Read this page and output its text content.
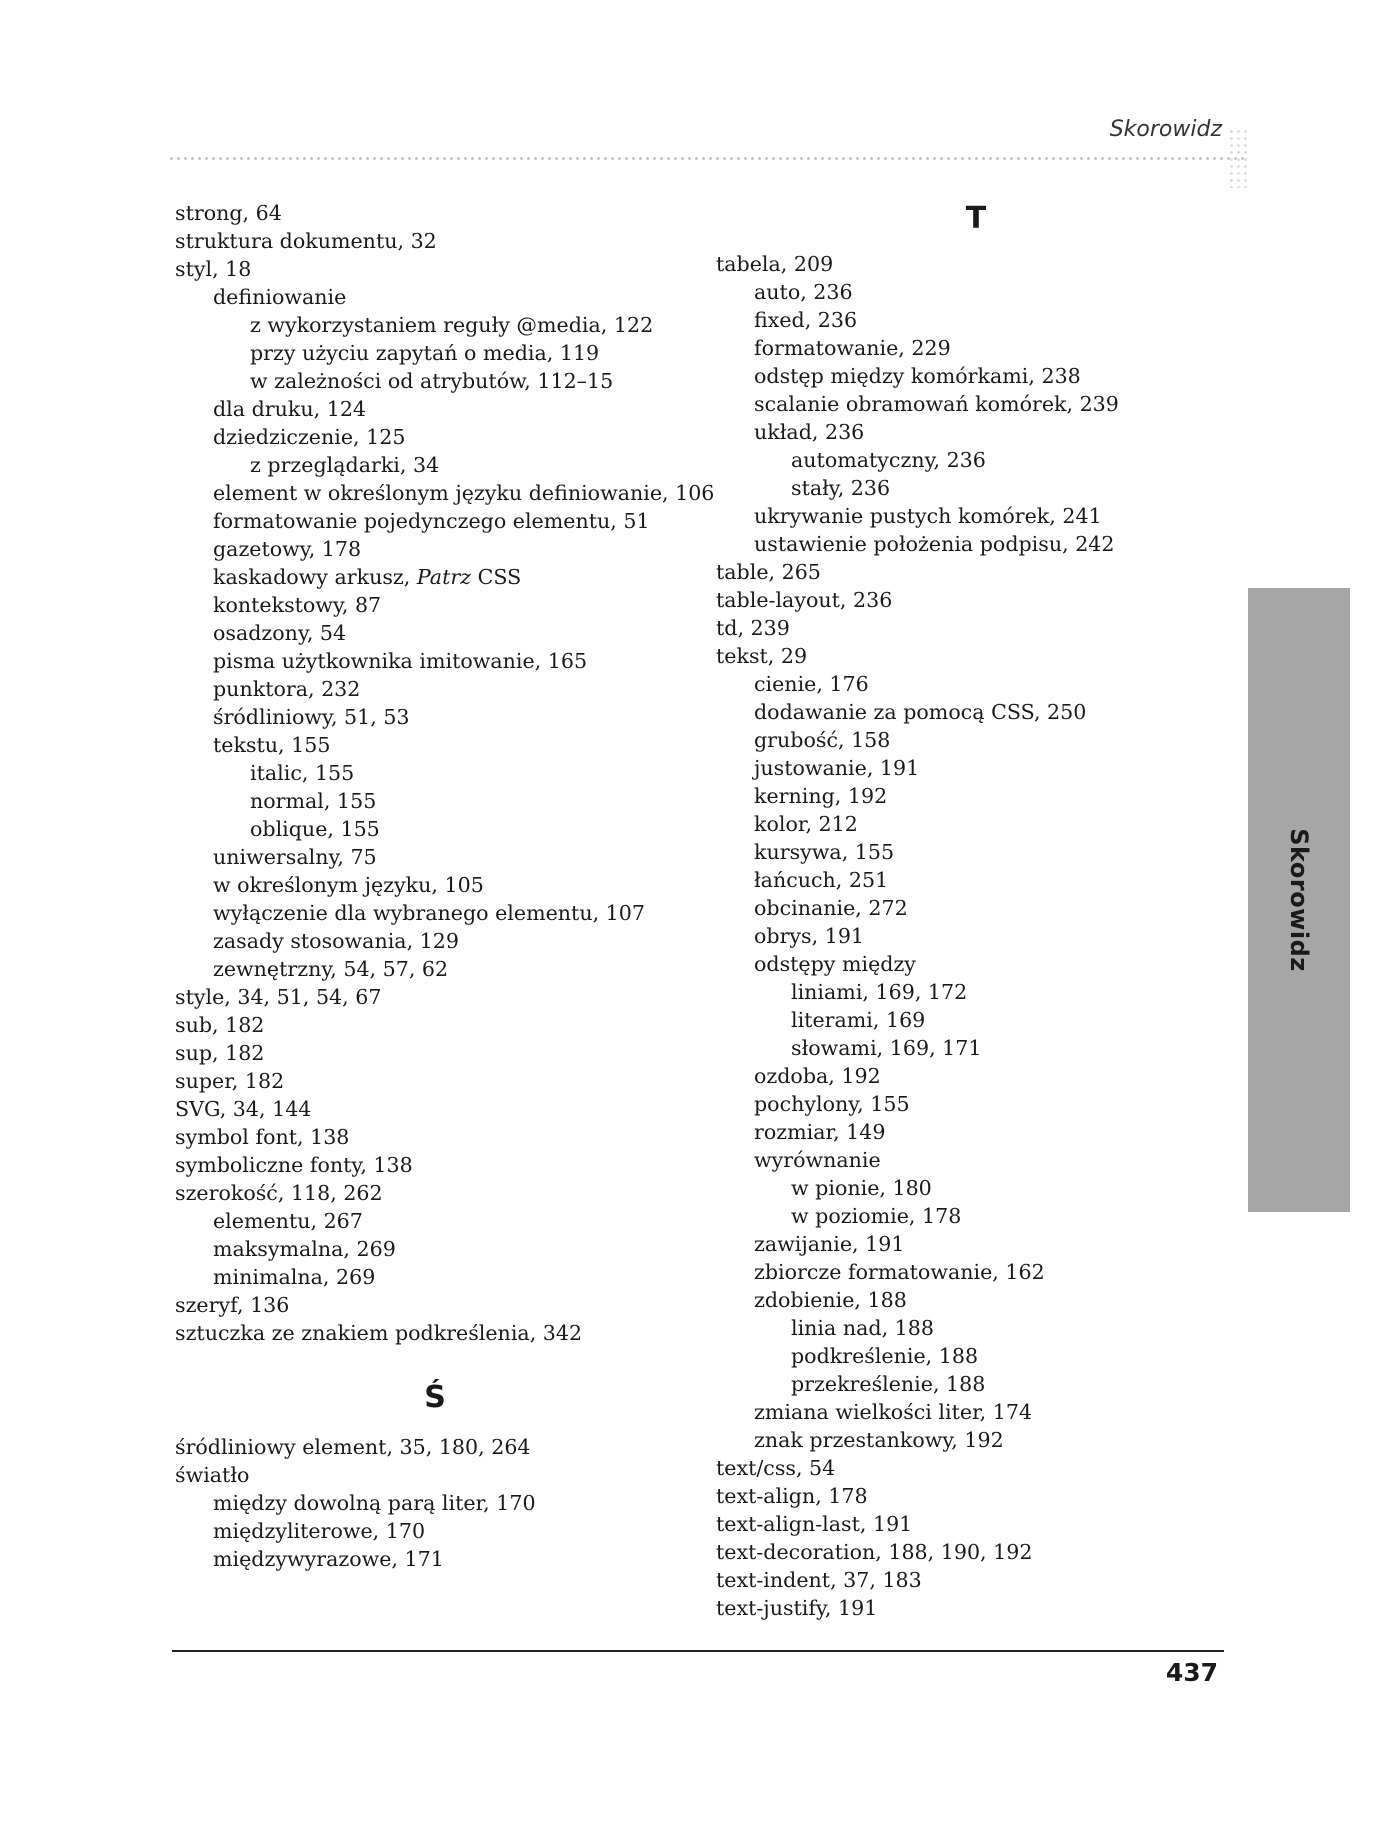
Skorowidz

strong, 64

struktura dokumentu, 32

styl, 18

definiowanie

z wykorzystaniem reguły @media, 122

przy użyciu zapytań o media, 119

w zależności od atrybutów, 112–15

dla druku, 124

dziedziczenie, 125

z przeglądarki, 34

element w określonym języku definiowanie, 106

formatowanie pojedynczego elementu, 51

gazetowy, 178

kaskadowy arkusz, Patrz CSS

kontekstowy, 87

osadzony, 54

pisma użytkownika imitowanie, 165

punktora, 232

śródliniowy, 51, 53

tekstu, 155

italic, 155

normal, 155

oblique, 155

uniwersalny, 75

w określonym języku, 105

wyłączenie dla wybranego elementu, 107

zasady stosowania, 129

zewnętrzny, 54, 57, 62

style, 34, 51, 54, 67

sub, 182

sup, 182

super, 182

SVG, 34, 144

symbol font, 138

symboliczne fonty, 138

szerokość, 118, 262

elementu, 267

maksymalna, 269

minimalna, 269

szeryf, 136

sztuczka ze znakiem podkreślenia, 342

Ś

śródliniowy element, 35, 180, 264

światło

między dowolną parą liter, 170

międzyliterowe, 170

międzywyrazowe, 171

T

tabela, 209

auto, 236

fixed, 236

formatowanie, 229

odstęp między komórkami, 238

scalanie obramowań komórek, 239

układ, 236

automatyczny, 236

stały, 236

ukrywanie pustych komórek, 241

ustawienie położenia podpisu, 242

table, 265

table-layout, 236

td, 239

tekst, 29

cienie, 176

dodawanie za pomocą CSS, 250

grubość, 158

justowanie, 191

kerning, 192

kolor, 212

kursywa, 155

łańcuch, 251

obcinanie, 272

obrys, 191

odstępy między

liniami, 169, 172

literami, 169

słowami, 169, 171

ozdoba, 192

pochylony, 155

rozmiar, 149

wyrównanie

w pionie, 180

w poziomie, 178

zawijanie, 191

zbiorcze formatowanie, 162

zdobienie, 188

linia nad, 188

podkreślenie, 188

przekreślenie, 188

zmiana wielkości liter, 174

znak przestankowy, 192

text/css, 54

text-align, 178

text-align-last, 191

text-decoration, 188, 190, 192

text-indent, 37, 183

text-justify, 191

Skorowidz
437
